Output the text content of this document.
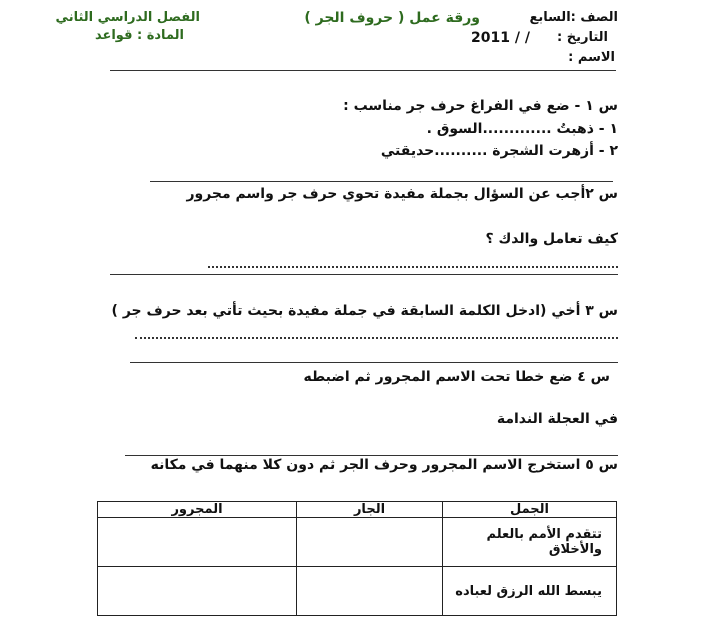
الصف :السابع
التاريخ :
2011 / /
الاسم :
ورقة عمل ( حروف الجر )
الفصل الدراسي الثاني
المادة : قواعد
س ١ - ضع في الفراغ حرف جر مناسب :
١ - ذهبتُ .............السوق .
٢ - أزهرت الشجرة ..........حديقتي
س ٢أجب عن السؤال بجملة مفيدة تحوي حرف جر واسم مجرور
كيف تعامل والدك ؟
س ٣ أخي (ادخل الكلمة السابقة في جملة مفيدة بحيث تأتي بعد حرف جر )
س ٤ ضع خطا تحت الاسم المجرور ثم اضبطه
في العجلة الندامة
س ٥ استخرج الاسم المجرور وحرف الجر ثم دون كلا منهما في مكانه
الجمل	الجار	المجرور
تتقدم الأمم بالعلم والأخلاق		
يبسط الله الرزق لعباده		
